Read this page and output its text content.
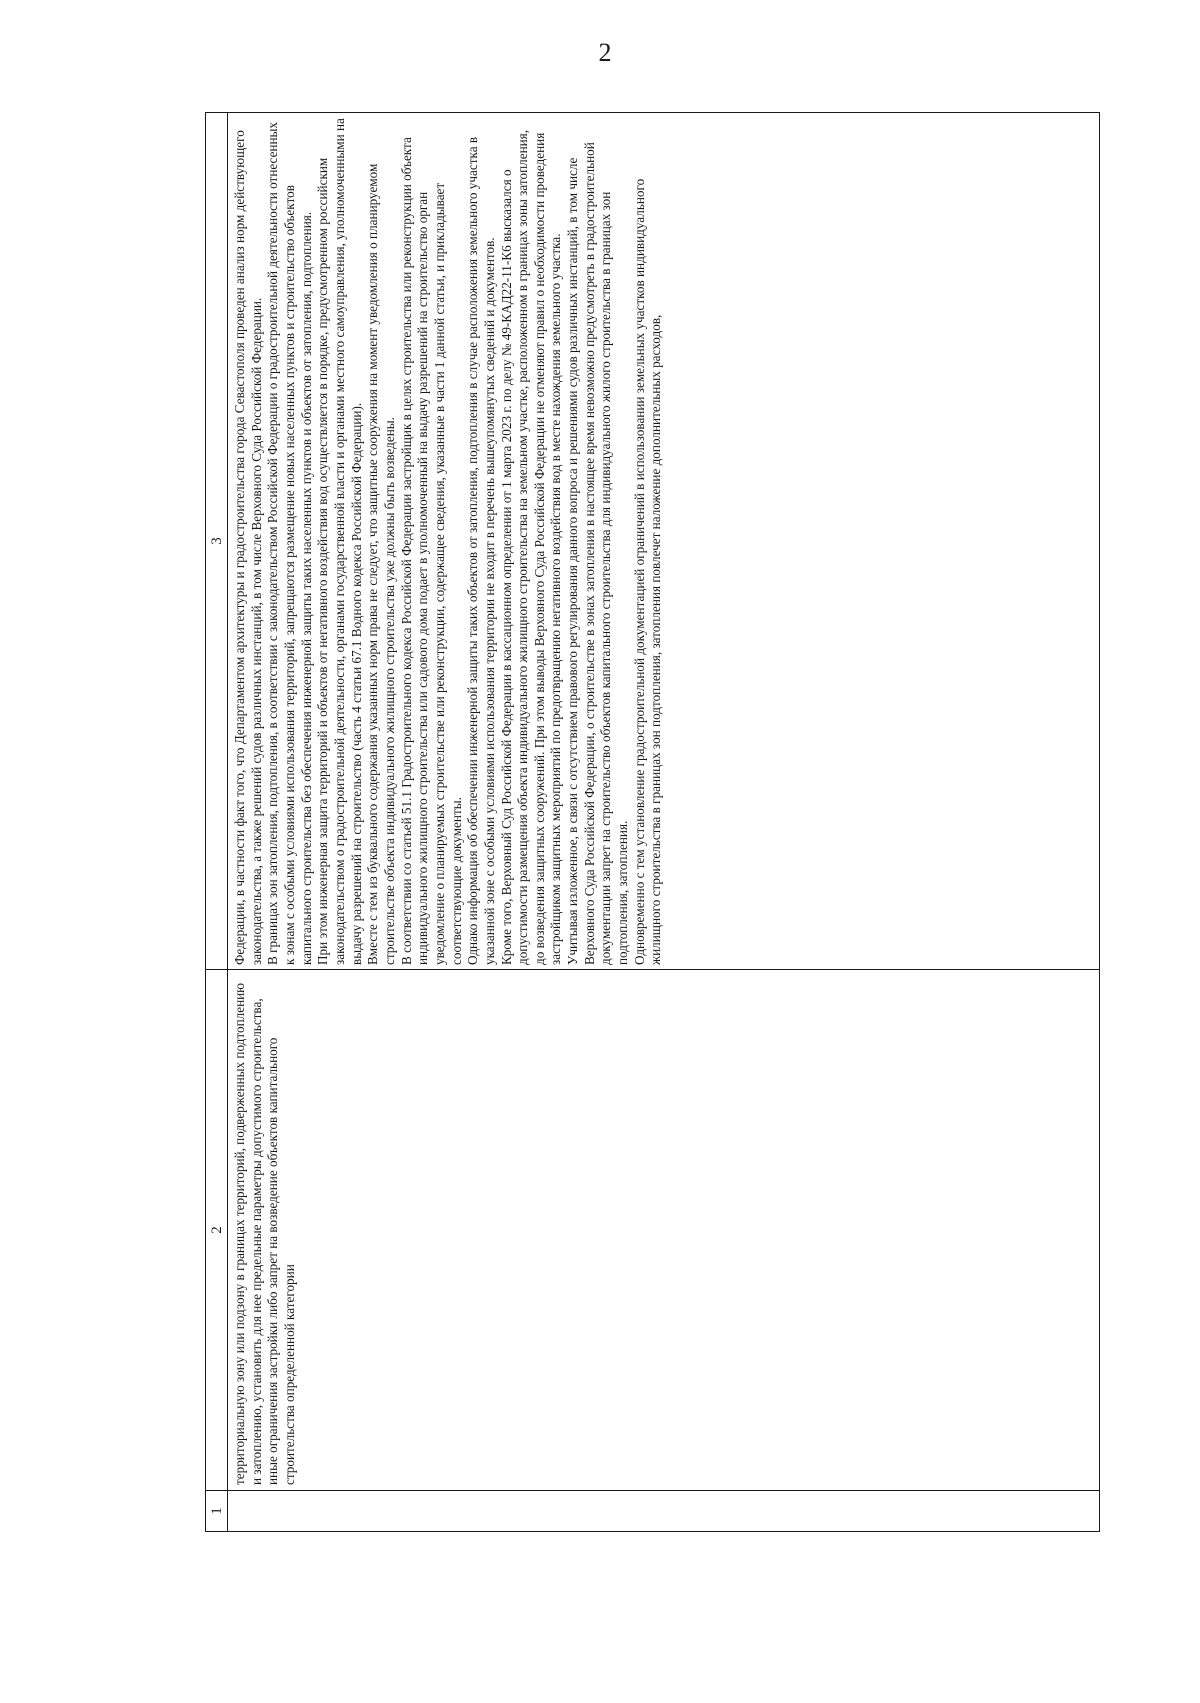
2
1
2
3

территориальную зону или подзону в границах территорий, подверженных подтоплению и затоплению, установить для нее предельные параметры допустимого строительства, иные ограничения застройки либо запрет на возведение объектов капитального строительства определенной категории

Федерации, в частности факт того, что Департаментом архитектуры и градостроительства города Севастополя проведен анализ норм действующего законодательства, а также решений судов различных инстанций, в том числе Верховного Суда Российской Федерации. В границах зон затопления, подтопления, в соответствии с законодательством Российской Федерации о градостроительной деятельности отнесенных к зонам с особыми условиями использования территорий, запрещаются размещение новых населенных пунктов и строительство объектов капитального строительства без обеспечения инженерной защиты таких населенных пунктов и объектов от затопления, подтопления. При этом инженерная защита территорий и объектов от негативного воздействия вод осуществляется в порядке, предусмотренном российским законодательством о градостроительной деятельности, органами государственной власти и органами местного самоуправления, уполномоченными на выдачу разрешений на строительство (часть 4 статьи 67.1 Водного кодекса Российской Федерации). Вместе с тем из буквального содержания указанных норм права не следует, что защитные сооружения на момент уведомления о планируемом строительстве объекта индивидуального жилищного строительства уже должны быть возведены. В соответствии со статьей 51.1 Градостроительного кодекса Российской Федерации застройщик в целях строительства или реконструкции объекта индивидуального жилищного строительства или садового дома подает в уполномоченный на выдачу разрешений на строительство орган уведомление о планируемых строительстве или реконструкции, содержащее сведения, указанные в части 1 данной статьи, и прикладывает соответствующие документы. Однако информация об обеспечении инженерной защиты таких объектов от затопления, подтопления в случае расположения земельного участка в указанной зоне с особыми условиями использования территории не входит в перечень вышеупомянутых сведений и документов. Кроме того, Верховный Суд Российской Федерации в кассационном определении от 1 марта 2023 г. по делу № 49-КАД22-11-К6 высказался о допустимости размещения объекта индивидуального жилищного строительства на земельном участке, расположенном в границах зоны затопления, до возведения защитных сооружений. При этом выводы Верховного Суда Российской Федерации не отменяют правил о необходимости проведения застройщиком защитных мероприятий по предотвращению негативного воздействия вод в месте нахождения земельного участка. Учитывая изложенное, в связи с отсутствием правового регулирования данного вопроса и решениями судов различных инстанций, в том числе Верховного Суда Российской Федерации, о строительстве в зонах затопления в настоящее время невозможно предусмотреть в градостроительной документации запрет на строительство объектов капитального строительства для индивидуального жилого строительства в границах зон подтопления, затопления. Одновременно с тем установление градостроительной документацией ограничений в использовании земельных участков индивидуального жилищного строительства в границах зон подтопления, затопления повлечет наложение дополнительных расходов,
